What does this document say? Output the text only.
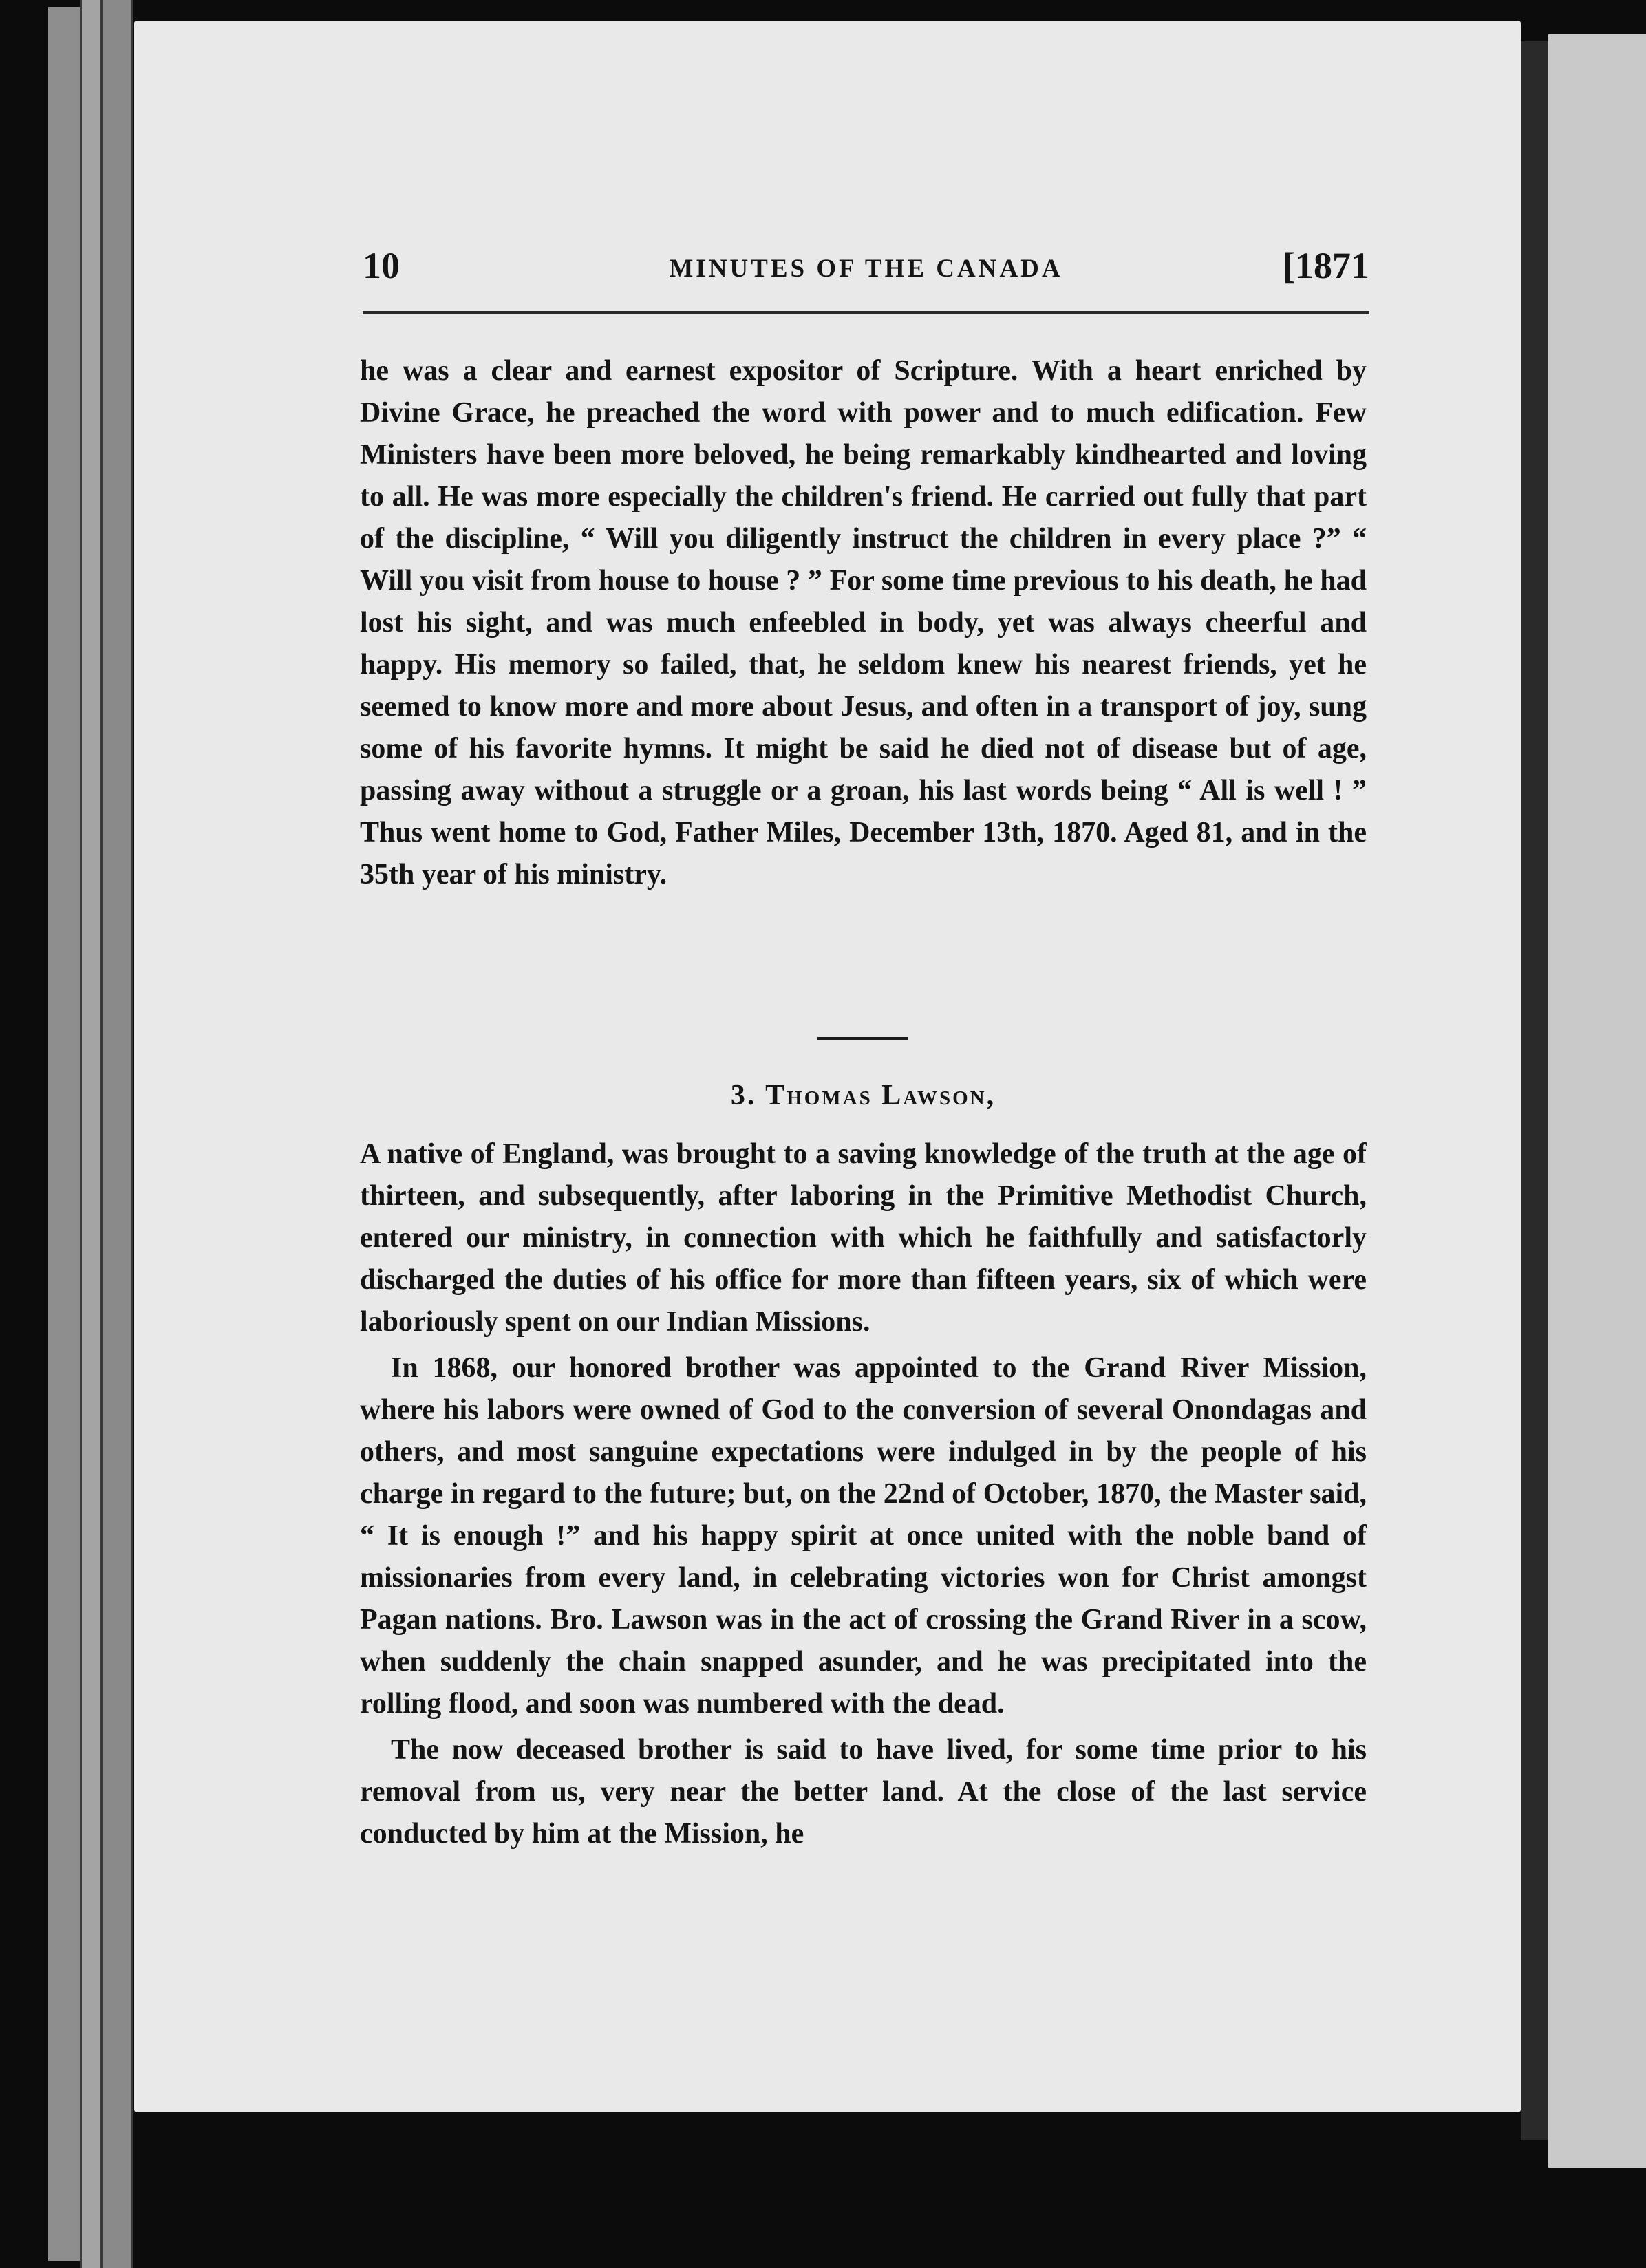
10	MINUTES OF THE CANADA	[1871

he was a clear and earnest expositor of Scripture. With a heart enriched by Divine Grace, he preached the word with power and to much edification. Few Ministers have been more beloved, he being remarkably kindhearted and loving to all. He was more especially the children's friend. He carried out fully that part of the discipline, “ Will you diligently instruct the children in every place ?” “ Will you visit from house to house ? ” For some time previous to his death, he had lost his sight, and was much enfeebled in body, yet was always cheerful and happy. His memory so failed, that, he seldom knew his nearest friends, yet he seemed to know more and more about Jesus, and often in a transport of joy, sung some of his favorite hymns. It might be said he died not of disease but of age, passing away without a struggle or a groan, his last words being “ All is well ! ” Thus went home to God, Father Miles, December 13th, 1870. Aged 81, and in the 35th year of his ministry.

3. Thomas Lawson,

A native of England, was brought to a saving knowledge of the truth at the age of thirteen, and subsequently, after laboring in the Primitive Methodist Church, entered our ministry, in connection with which he faithfully and satisfactorly discharged the duties of his office for more than fifteen years, six of which were laboriously spent on our Indian Missions.

In 1868, our honored brother was appointed to the Grand River Mission, where his labors were owned of God to the conversion of several Onondagas and others, and most sanguine expectations were indulged in by the people of his charge in regard to the future; but, on the 22nd of October, 1870, the Master said, “ It is enough !” and his happy spirit at once united with the noble band of missionaries from every land, in celebrating victories won for Christ amongst Pagan nations. Bro. Lawson was in the act of crossing the Grand River in a scow, when suddenly the chain snapped asunder, and he was precipitated into the rolling flood, and soon was numbered with the dead.

The now deceased brother is said to have lived, for some time prior to his removal from us, very near the better land. At the close of the last service conducted by him at the Mission, he
